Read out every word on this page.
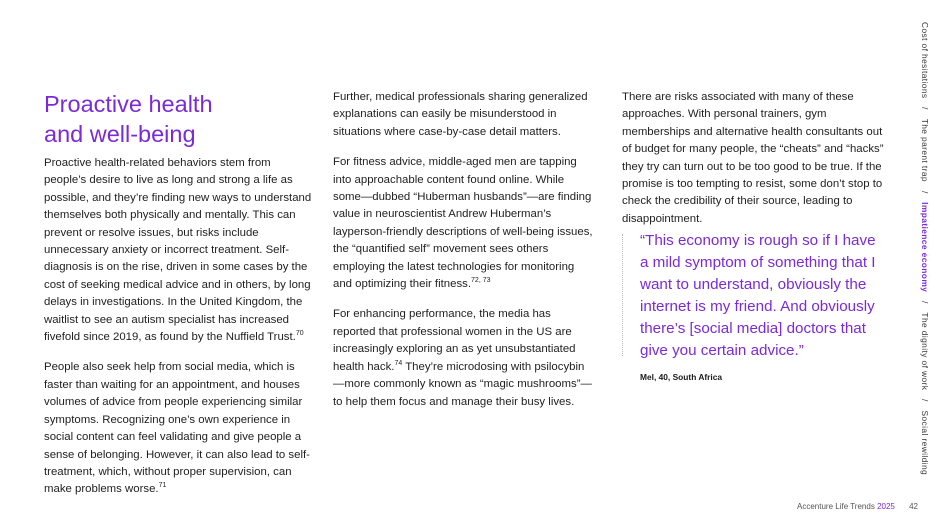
Proactive health
and well-being

Proactive health-related behaviors stem from people’s desire to live as long and strong a life as possible, and they’re finding new ways to understand themselves both physically and mentally. This can prevent or resolve issues, but risks include unnecessary anxiety or incorrect treatment. Self-diagnosis is on the rise, driven in some cases by the cost of seeking medical advice and in others, by long delays in investigations. In the United Kingdom, the waitlist to see an autism specialist has increased fivefold since 2019, as found by the Nuffield Trust.$^{70}$

People also seek help from social media, which is faster than waiting for an appointment, and houses volumes of advice from people experiencing similar symptoms. Recognizing one’s own experience in social content can feel validating and give people a sense of belonging. However, it can also lead to self-treatment, which, without proper supervision, can make problems worse.$^{71}$

Further, medical professionals sharing generalized explanations can easily be misunderstood in situations where case-by-case detail matters.

For fitness advice, middle-aged men are tapping into approachable content found online. While some—dubbed “Huberman husbands”—are finding value in neuroscientist Andrew Huberman’s layperson-friendly descriptions of well-being issues, the “quantified self” movement sees others employing the latest technologies for monitoring and optimizing their fitness.$^{72, 73}$

For enhancing performance, the media has reported that professional women in the US are increasingly exploring an as yet unsubstantiated health hack.$^{74}$ They’re microdosing with psilocybin—more commonly known as “magic mushrooms”—to help them focus and manage their busy lives.

There are risks associated with many of these approaches. With personal trainers, gym memberships and alternative health consultants out of budget for many people, the “cheats” and “hacks” they try can turn out to be too good to be true. If the promise is too tempting to resist, some don’t stop to check the credibility of their source, leading to disappointment.

“This economy is rough so if I have a mild symptom of something that I want to understand, obviously the internet is my friend. And obviously there’s [social media] doctors that give you certain advice.”

Mel, 40, South Africa

Cost of hesitations / The parent trap / Impatience economy / The dignity of work / Social rewilding
Accenture Life Trends 2025 42
